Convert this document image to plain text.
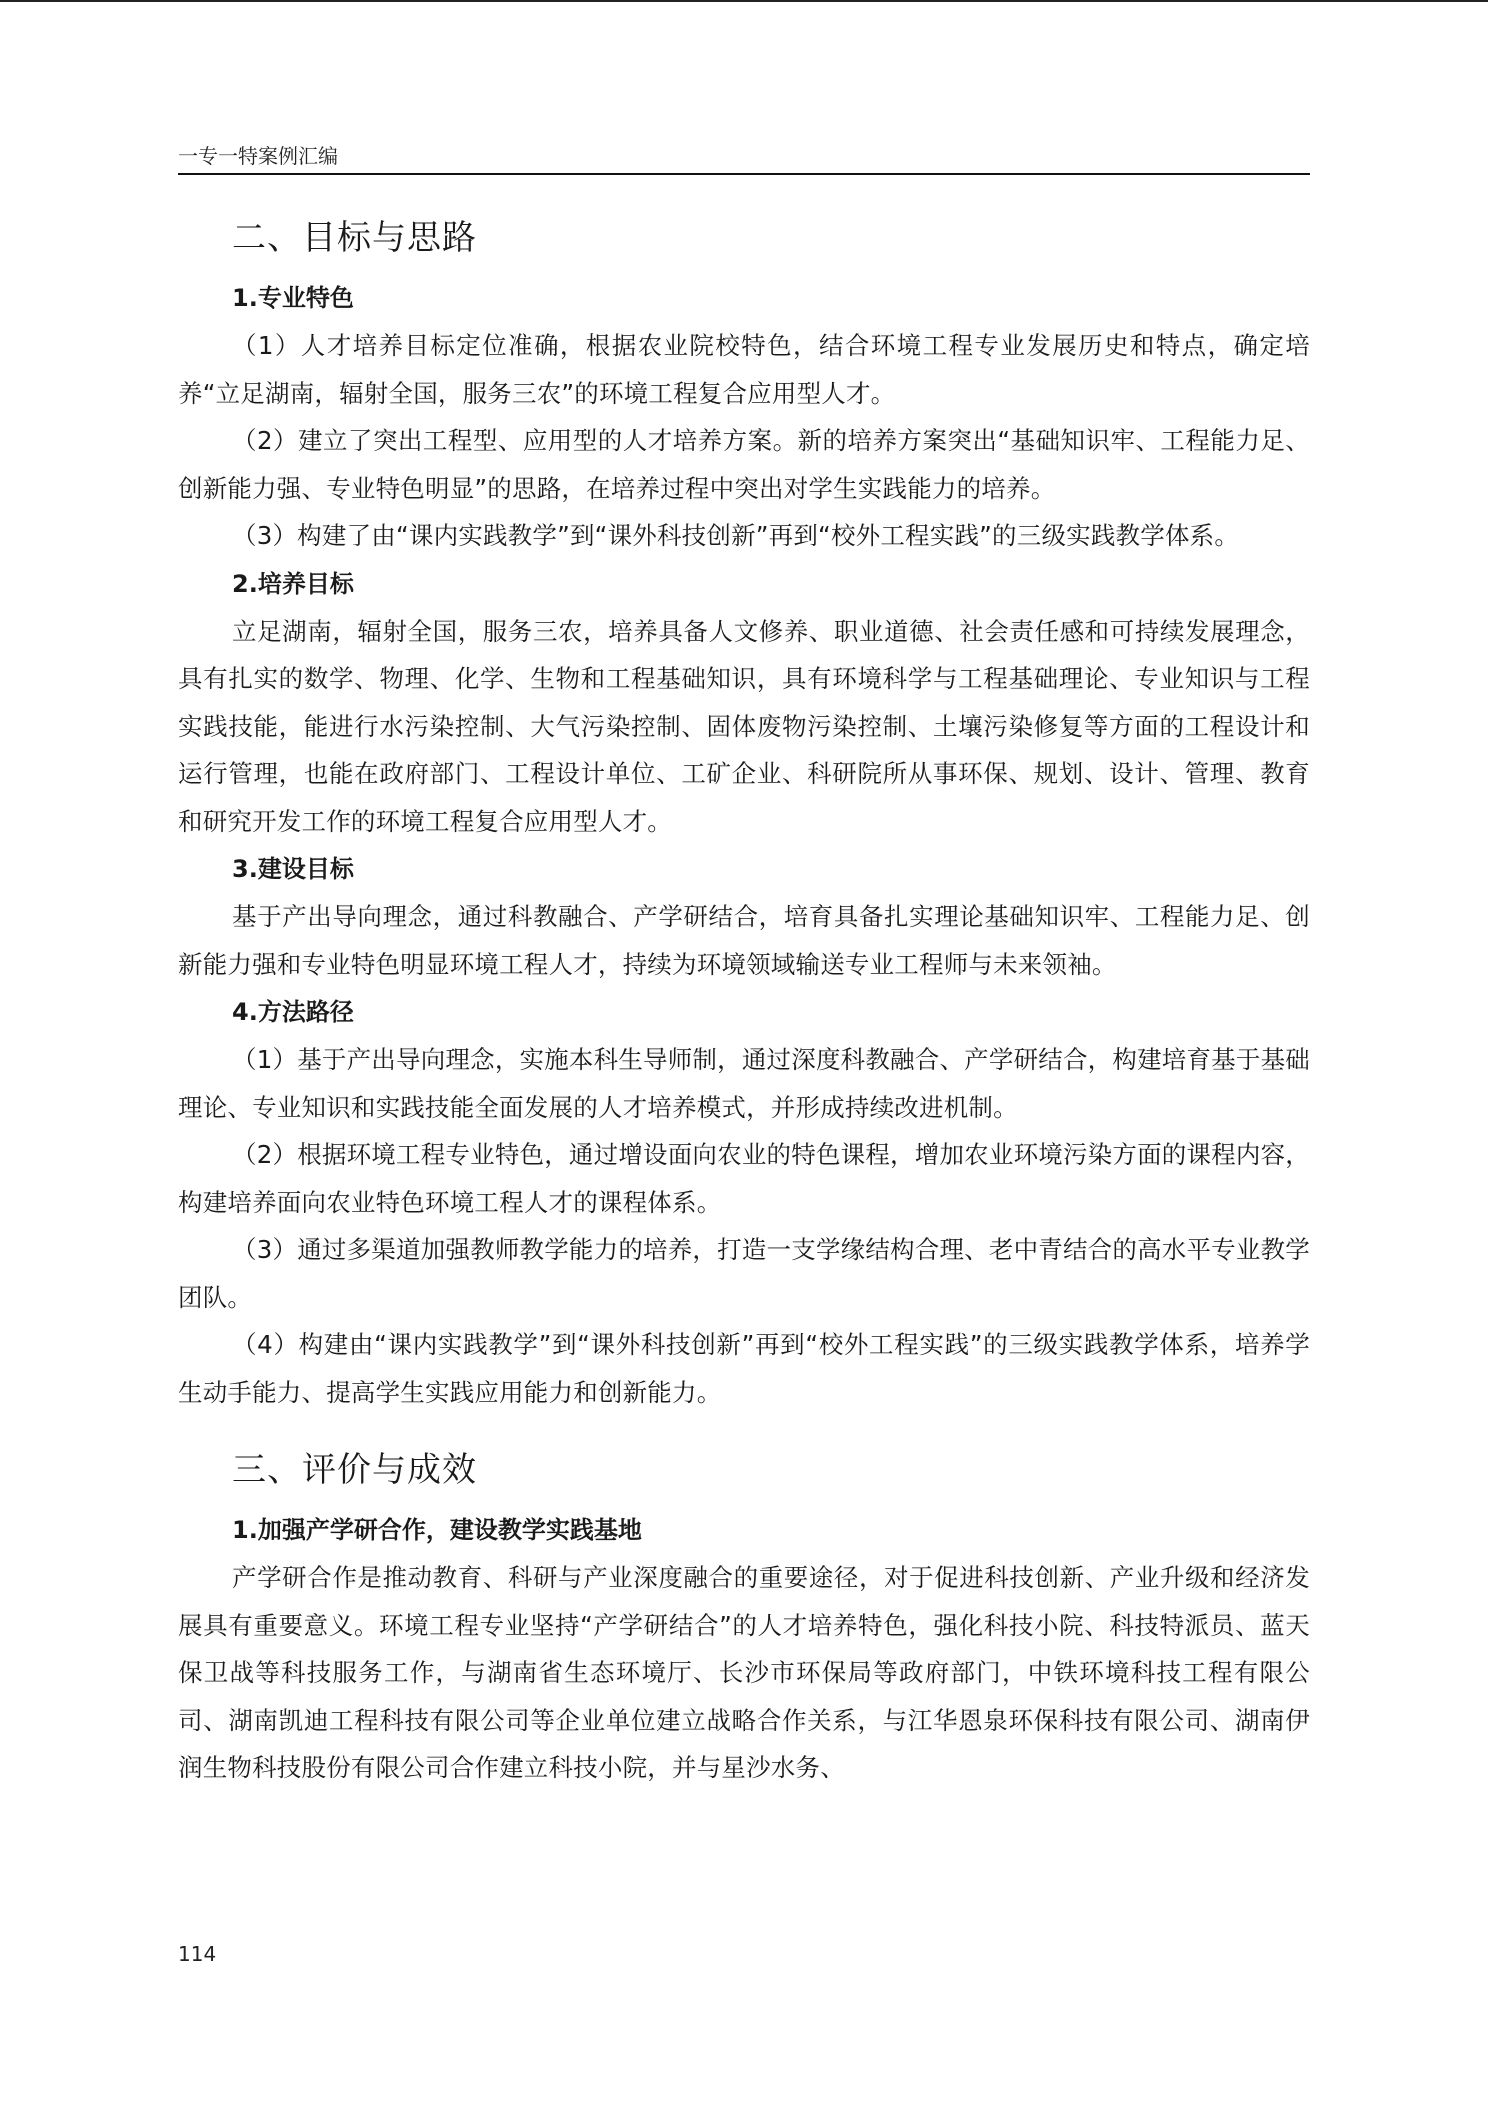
一专一特案例汇编
二、目标与思路
1.专业特色

（1）人才培养目标定位准确，根据农业院校特色，结合环境工程专业发展历史和特点，确定培养“立足湖南，辐射全国，服务三农”的环境工程复合应用型人才。

（2）建立了突出工程型、应用型的人才培养方案。新的培养方案突出“基础知识牢、工程能力足、创新能力强、专业特色明显”的思路，在培养过程中突出对学生实践能力的培养。

（3）构建了由“课内实践教学”到“课外科技创新”再到“校外工程实践”的三级实践教学体系。

2.培养目标

立足湖南，辐射全国，服务三农，培养具备人文修养、职业道德、社会责任感和可持续发展理念，具有扎实的数学、物理、化学、生物和工程基础知识，具有环境科学与工程基础理论、专业知识与工程实践技能，能进行水污染控制、大气污染控制、固体废物污染控制、土壤污染修复等方面的工程设计和运行管理，也能在政府部门、工程设计单位、工矿企业、科研院所从事环保、规划、设计、管理、教育和研究开发工作的环境工程复合应用型人才。

3.建设目标

基于产出导向理念，通过科教融合、产学研结合，培育具备扎实理论基础知识牢、工程能力足、创新能力强和专业特色明显环境工程人才，持续为环境领域输送专业工程师与未来领袖。

4.方法路径

（1）基于产出导向理念，实施本科生导师制，通过深度科教融合、产学研结合，构建培育基于基础理论、专业知识和实践技能全面发展的人才培养模式，并形成持续改进机制。

（2）根据环境工程专业特色，通过增设面向农业的特色课程，增加农业环境污染方面的课程内容，构建培养面向农业特色环境工程人才的课程体系。

（3）通过多渠道加强教师教学能力的培养，打造一支学缘结构合理、老中青结合的高水平专业教学团队。

（4）构建由“课内实践教学”到“课外科技创新”再到“校外工程实践”的三级实践教学体系，培养学生动手能力、提高学生实践应用能力和创新能力。

三、评价与成效
1.加强产学研合作，建设教学实践基地

产学研合作是推动教育、科研与产业深度融合的重要途径，对于促进科技创新、产业升级和经济发展具有重要意义。环境工程专业坚持“产学研结合”的人才培养特色，强化科技小院、科技特派员、蓝天保卫战等科技服务工作，与湖南省生态环境厅、长沙市环保局等政府部门，中铁环境科技工程有限公司、湖南凯迪工程科技有限公司等企业单位建立战略合作关系，与江华恩泉环保科技有限公司、湖南伊润生物科技股份有限公司合作建立科技小院，并与星沙水务、

114
